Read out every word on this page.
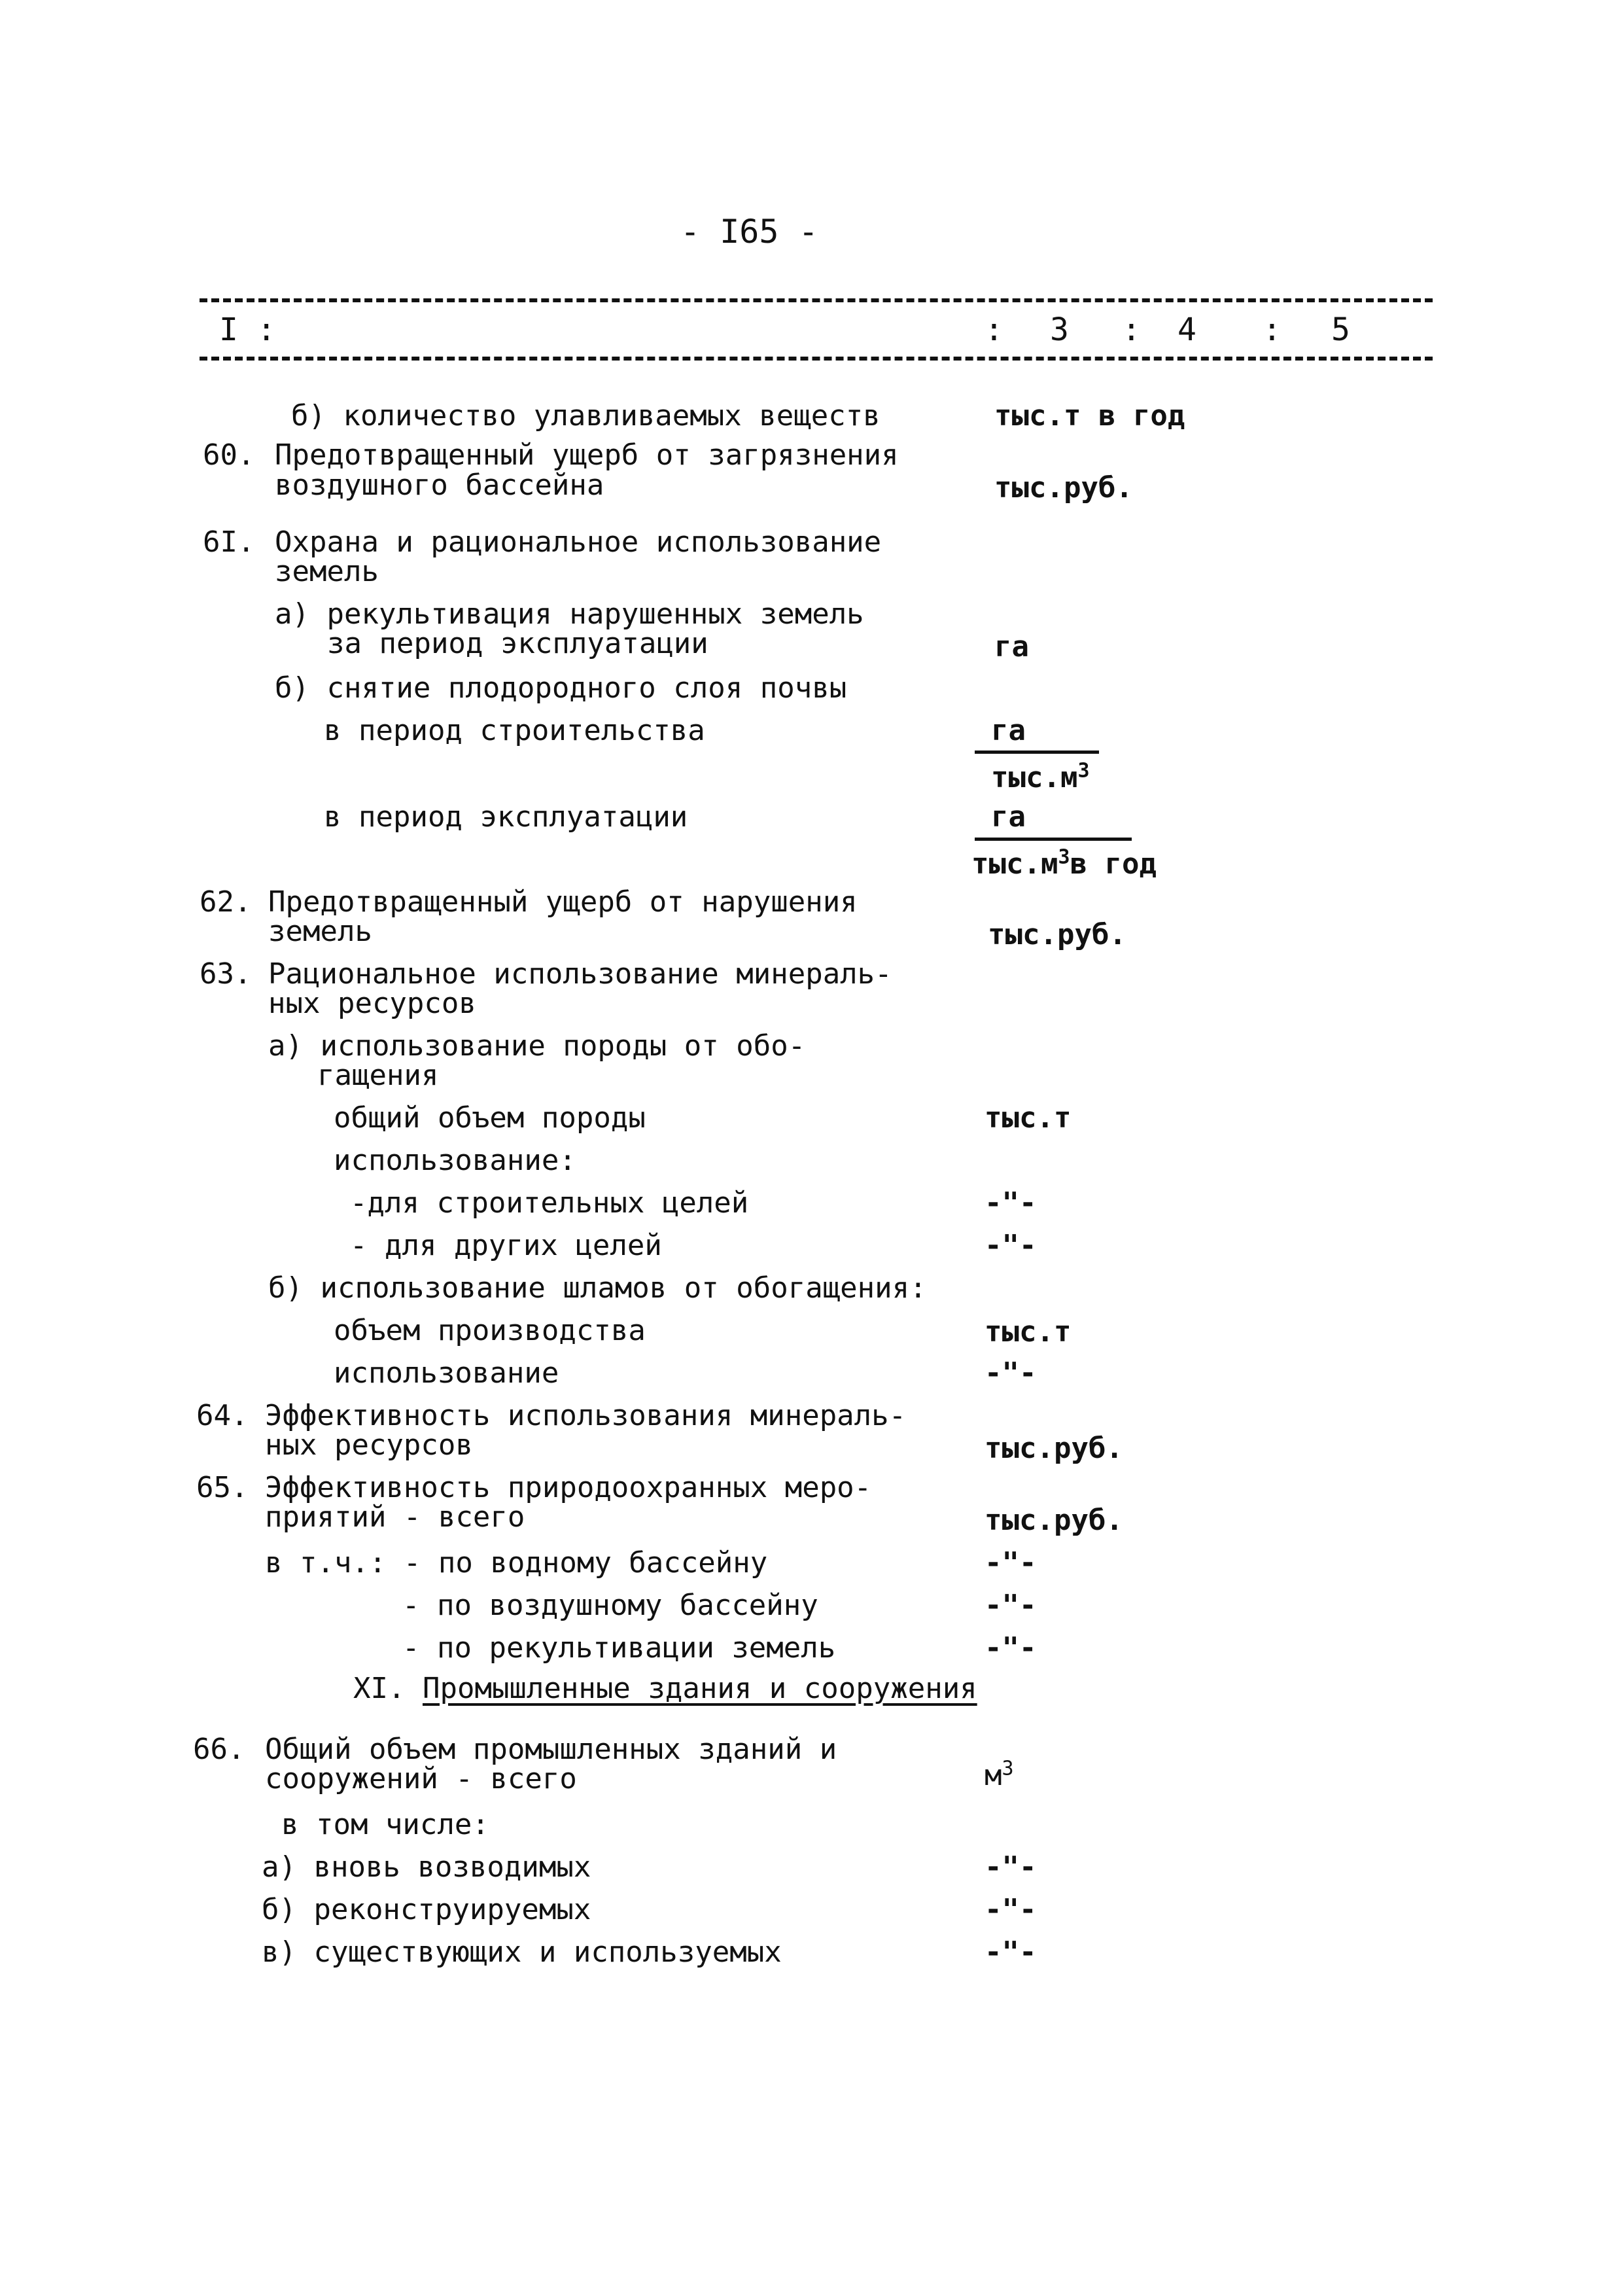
- I65 -
I :	: 3 : 4 : 5
б) количество улавливаемых веществ	тыс.т в год
60. Предотвращенный ущерб от загрязнения
воздушного бассейна	тыс.руб.
6I. Охрана и рациональное использование
земель
а) рекультивация нарушенных земель
за период эксплуатации	га
б) снятие плодородного слоя почвы
в период строительства	га
$тыс.м^3$
в период эксплуатации	га
$тыс.м^3в$ год
62. Предотвращенный ущерб от нарушения
земель	тыс.руб.
63. Рациональное использование минераль-
ных ресурсов
а) использование породы от обо-
гащения
общий объем породы	тыс.т
использование:
-для строительных целей	-"-
- для других целей	-"-
б) использование шламов от обогащения:
объем производства	тыс.т
использование	-"-
64. Эффективность использования минераль-
ных ресурсов	тыс.руб.
65. Эффективность природоохранных меро-
приятий - всего	тыс.руб.
в т.ч.: - по водному бассейну	-"-
- по воздушному бассейну	-"-
- по рекультивации земель	-"-
XI. Промышленные здания и сооружения
66. Общий объем промышленных зданий и
сооружений - всего	$м^3$
в том числе:
а) вновь возводимых	-"-
б) реконструируемых	-"-
в) существующих и используемых	-"-
